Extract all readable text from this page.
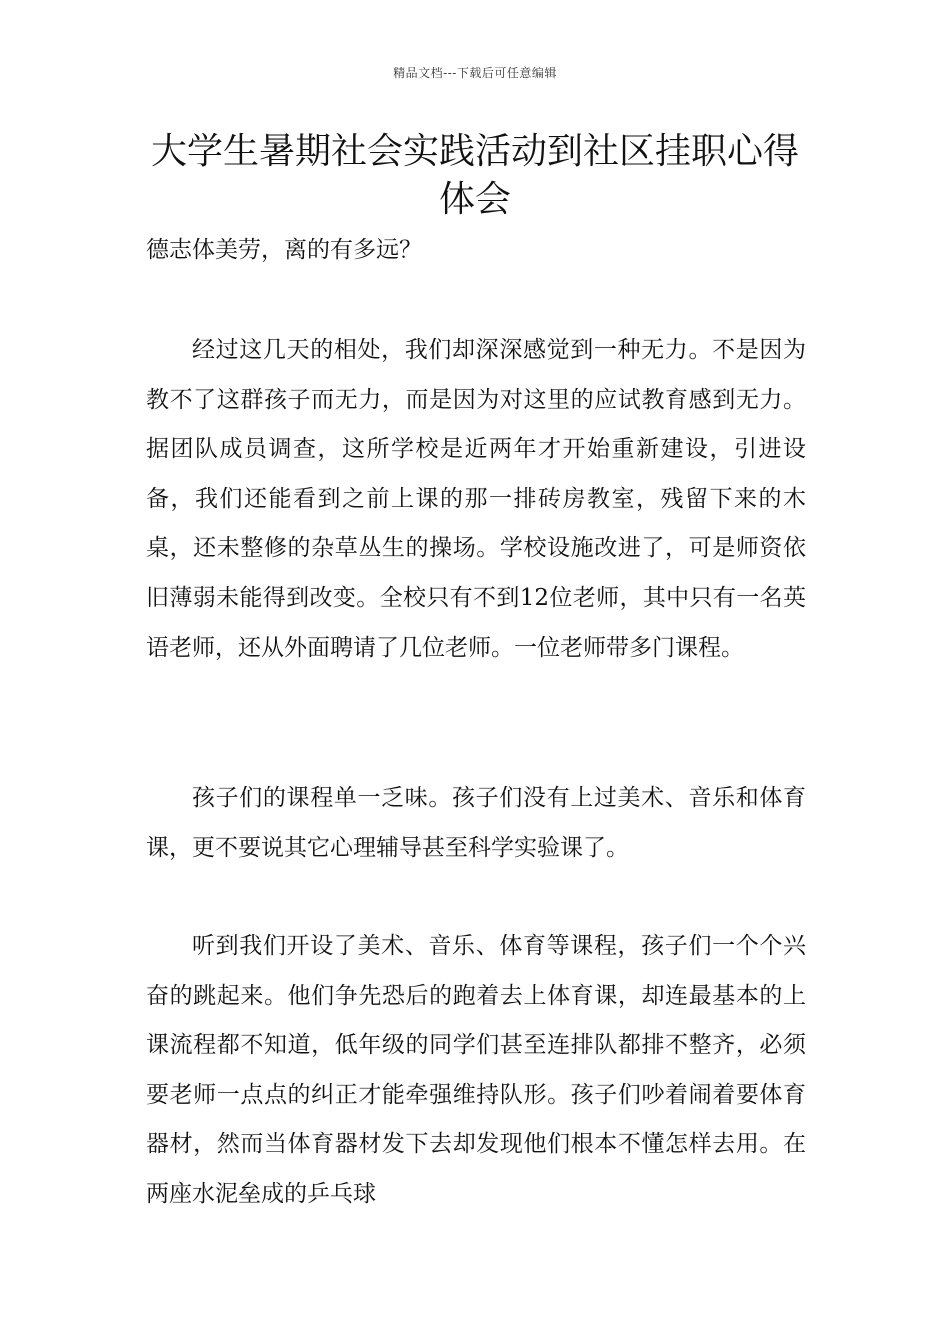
精品文档---下载后可任意编辑
大学生暑期社会实践活动到社区挂职心得体会
德志体美劳，离的有多远？

经过这几天的相处，我们却深深感觉到一种无力。不是因为教不了这群孩子而无力，而是因为对这里的应试教育感到无力。据团队成员调查，这所学校是近两年才开始重新建设，引进设备，我们还能看到之前上课的那一排砖房教室，残留下来的木桌，还未整修的杂草丛生的操场。学校设施改进了，可是师资依旧薄弱未能得到改变。全校只有不到12位老师，其中只有一名英语老师，还从外面聘请了几位老师。一位老师带多门课程。

孩子们的课程单一乏味。孩子们没有上过美术、音乐和体育课，更不要说其它心理辅导甚至科学实验课了。

听到我们开设了美术、音乐、体育等课程，孩子们一个个兴奋的跳起来。他们争先恐后的跑着去上体育课，却连最基本的上课流程都不知道，低年级的同学们甚至连排队都排不整齐，必须要老师一点点的纠正才能牵强维持队形。孩子们吵着闹着要体育器材，然而当体育器材发下去却发现他们根本不懂怎样去用。在两座水泥垒成的乒乓球
